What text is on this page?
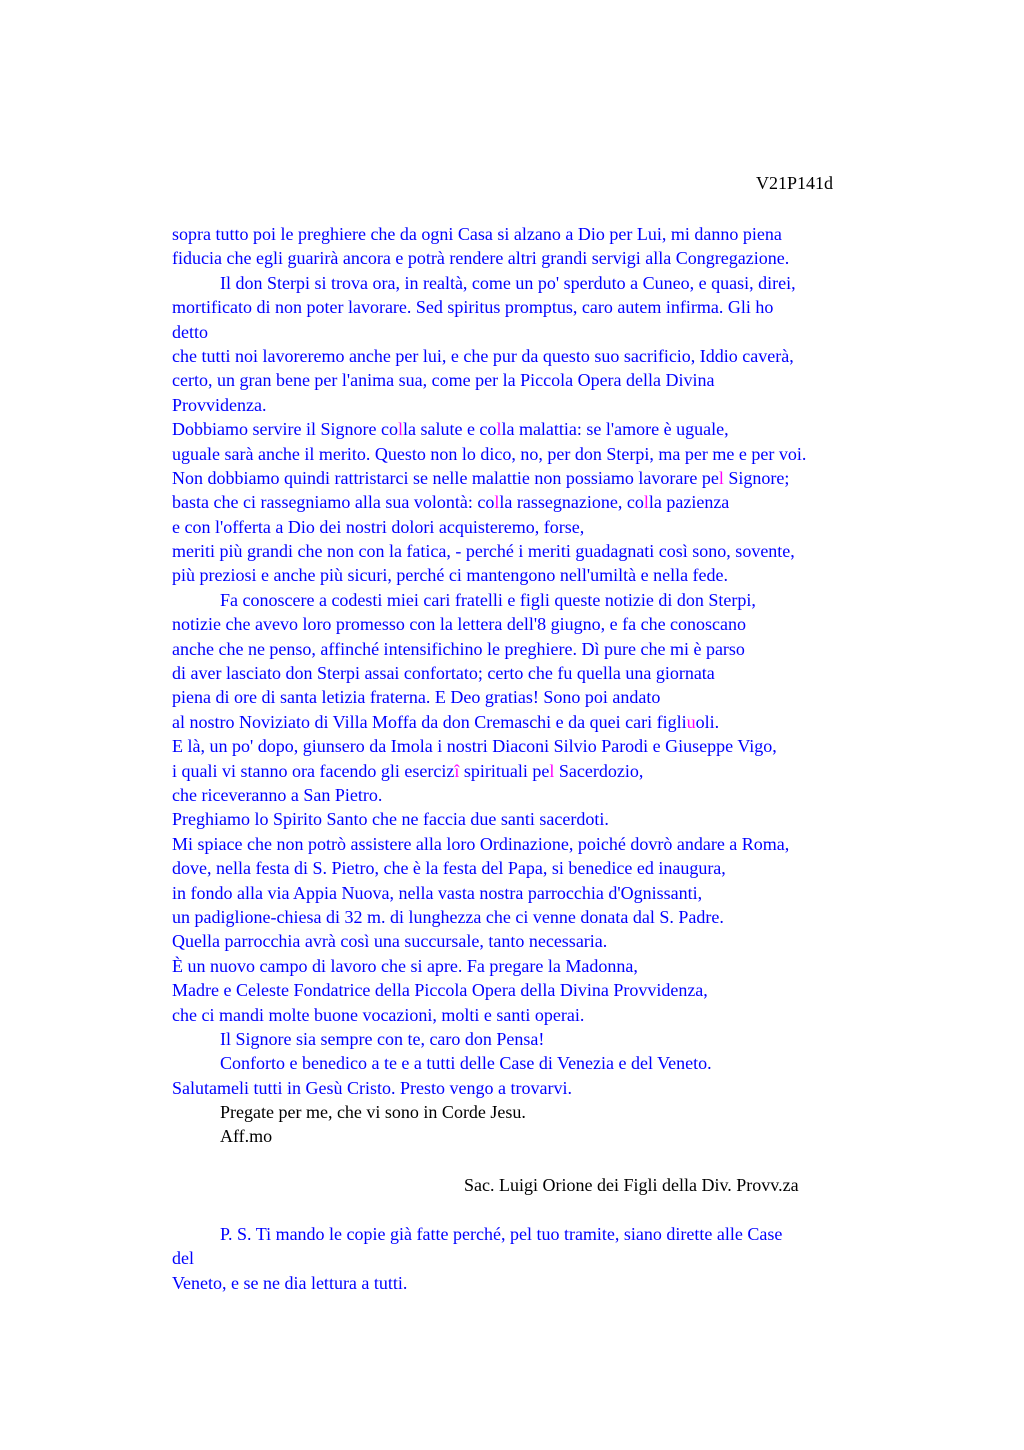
V21P141d
sopra tutto poi le preghiere che da ogni Casa si alzano a Dio per Lui, mi danno piena
fiducia che egli guarirà ancora e potrà rendere altri grandi servigi alla Congregazione.
Il don Sterpi si trova ora, in realtà, come un po' sperduto a Cuneo, e quasi, direi,
mortificato di non poter lavorare. Sed spiritus promptus, caro autem infirma. Gli ho
detto
che tutti noi lavoreremo anche per lui, e che pur da questo suo sacrificio, Iddio caverà,
certo, un gran bene per l'anima sua, come per la Piccola Opera della Divina
Provvidenza.
Dobbiamo servire il Signore colla salute e colla malattia: se l'amore è uguale,
uguale sarà anche il merito. Questo non lo dico, no, per don Sterpi, ma per me e per voi.
Non dobbiamo quindi rattristarci se nelle malattie non possiamo lavorare pel Signore;
basta che ci rassegniamo alla sua volontà: colla rassegnazione, colla pazienza
e con l'offerta a Dio dei nostri dolori acquisteremo, forse,
meriti più grandi che non con la fatica, - perché i meriti guadagnati così sono, sovente,
più preziosi e anche più sicuri, perché ci mantengono nell'umiltà e nella fede.
Fa conoscere a codesti miei cari fratelli e figli queste notizie di don Sterpi,
notizie che avevo loro promesso con la lettera dell'8 giugno, e fa che conoscano
anche che ne penso, affinché intensifichino le preghiere. Dì pure che mi è parso
di aver lasciato don Sterpi assai confortato; certo che fu quella una giornata
piena di ore di santa letizia fraterna. E Deo gratias! Sono poi andato
al nostro Noviziato di Villa Moffa da don Cremaschi e da quei cari figliuoli.
E là, un po' dopo, giunsero da Imola i nostri Diaconi Silvio Parodi e Giuseppe Vigo,
i quali vi stanno ora facendo gli esercizî spirituali pel Sacerdozio,
che riceveranno a San Pietro.
Preghiamo lo Spirito Santo che ne faccia due santi sacerdoti.
Mi spiace che non potrò assistere alla loro Ordinazione, poiché dovrò andare a Roma,
dove, nella festa di S. Pietro, che è la festa del Papa, si benedice ed inaugura,
in fondo alla via Appia Nuova, nella vasta nostra parrocchia d'Ognissanti,
un padiglione-chiesa di 32 m. di lunghezza che ci venne donata dal S. Padre.
Quella parrocchia avrà così una succursale, tanto necessaria.
È un nuovo campo di lavoro che si apre. Fa pregare la Madonna,
Madre e Celeste Fondatrice della Piccola Opera della Divina Provvidenza,
che ci mandi molte buone vocazioni, molti e santi operai.
Il Signore sia sempre con te, caro don Pensa!
Conforto e benedico a te e a tutti delle Case di Venezia e del Veneto.
Salutameli tutti in Gesù Cristo. Presto vengo a trovarvi.
Pregate per me, che vi sono in Corde Jesu.
Aff.mo
Sac. Luigi Orione dei Figli della Div. Provv.za
P. S. Ti mando le copie già fatte perché, pel tuo tramite, siano dirette alle Case
del
Veneto, e se ne dia lettura a tutti.
